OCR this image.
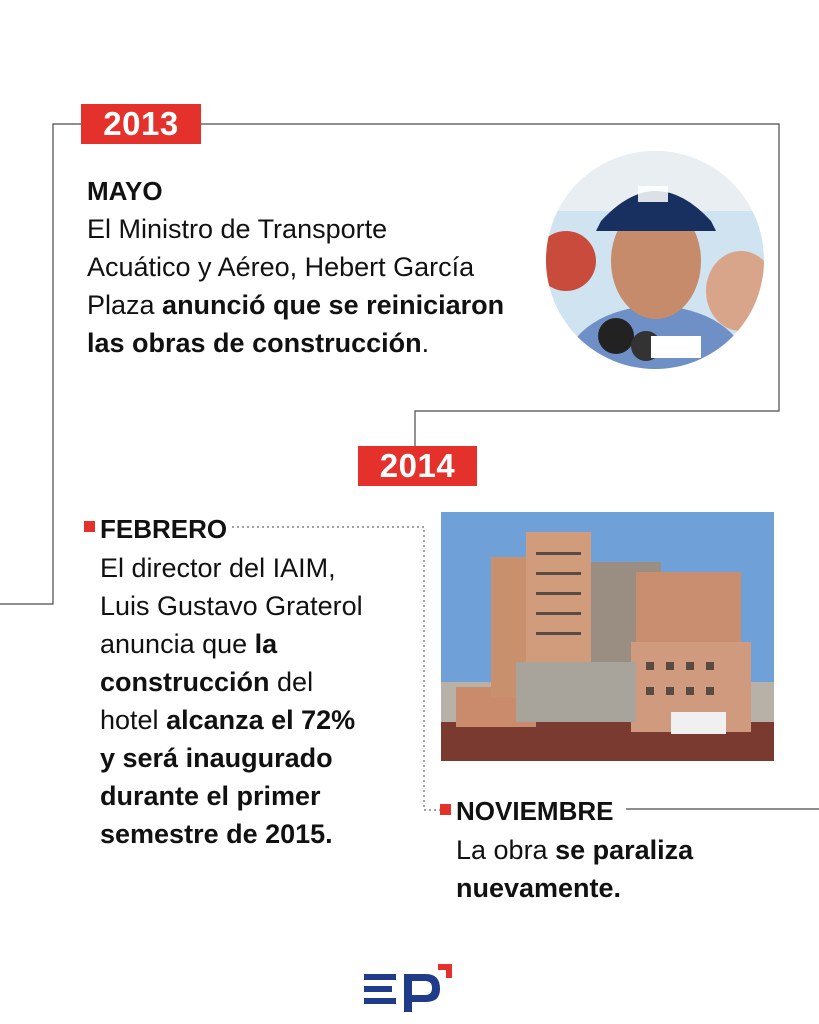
2013
MAYO
El Ministro de Transporte
Acuático y Aéreo, Hebert García
Plaza anunció que se reiniciaron
las obras de construcción.
2014
FEBRERO
El director del IAIM,
Luis Gustavo Graterol
anuncia que la
construcción del
hotel alcanza el 72%
y será inaugurado
durante el primer
semestre de 2015.
NOVIEMBRE
La obra se paraliza
nuevamente.
